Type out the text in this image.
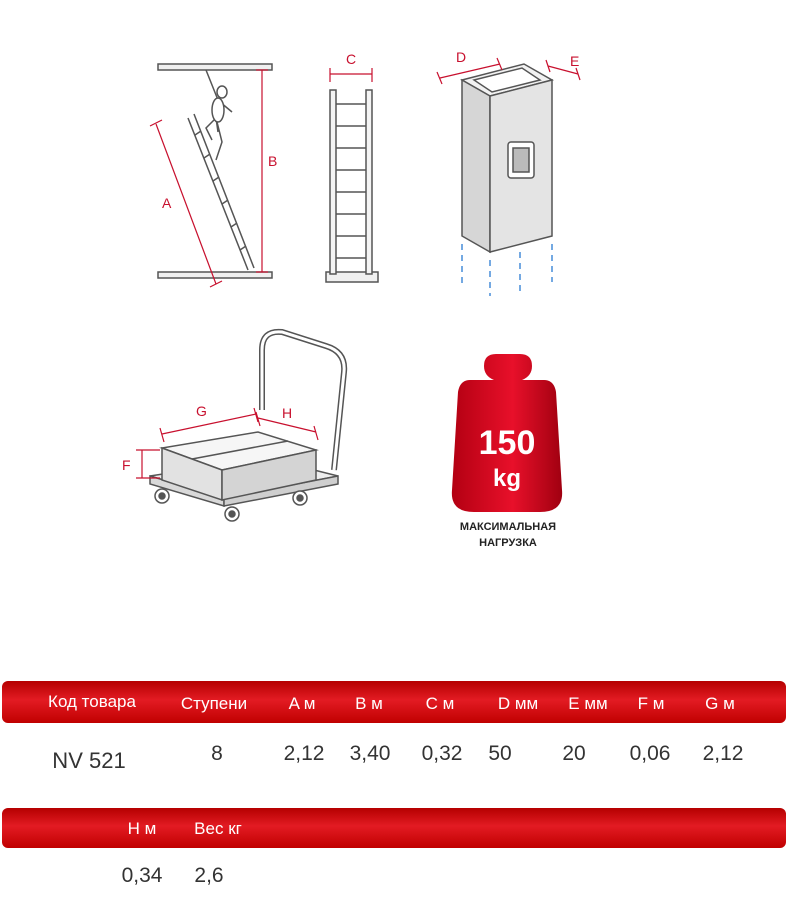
A
B
C	D	E
F
G	H
150
kg
МАКСИМАЛЬНАЯ
НАГРУЗКА
Код товара	Ступени A м B м	C м	D мм E мм F м G м
NV 521	8	2,12 3,40 0,32 50 20 0,06 2,12
H м Вес кг
0,34 2,6
